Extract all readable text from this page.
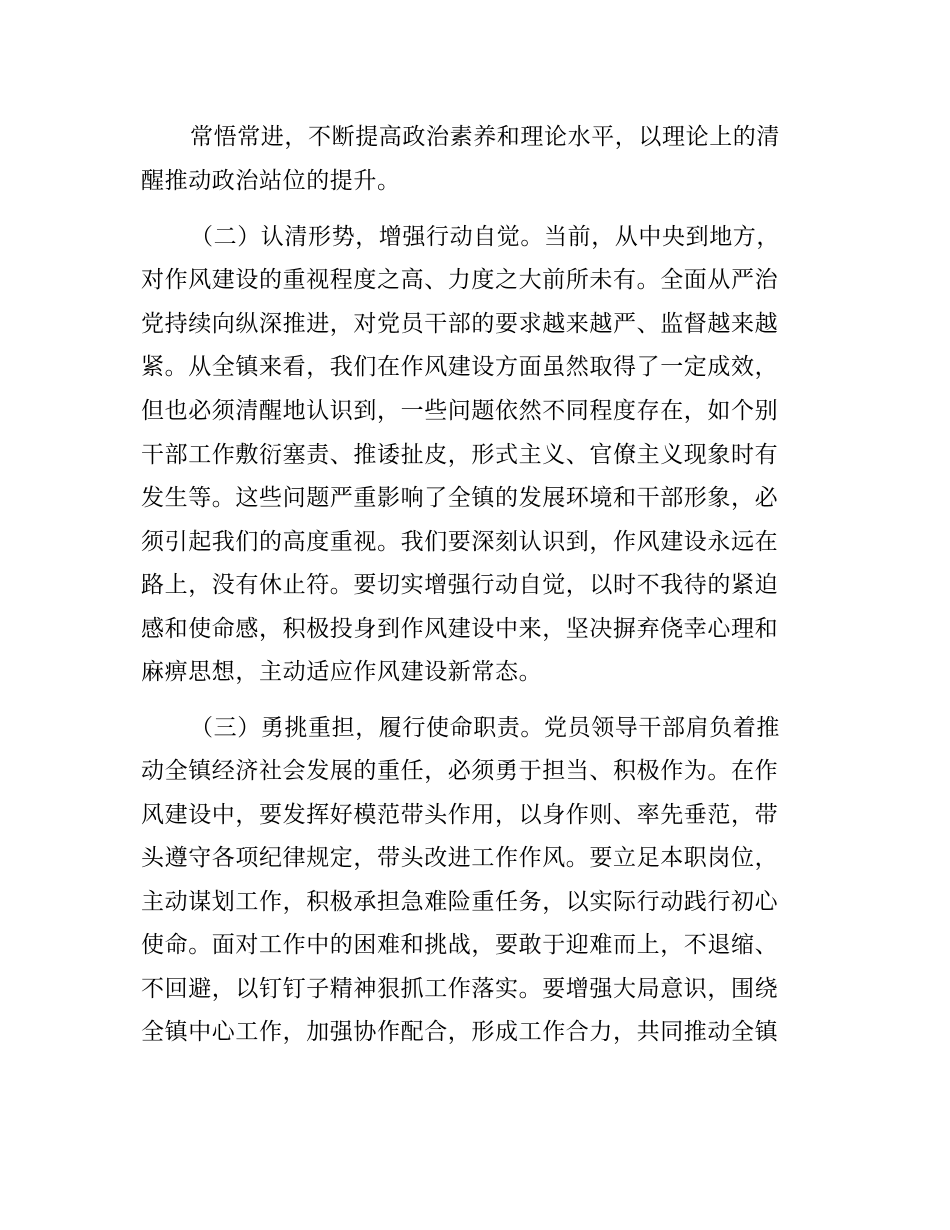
常悟常进，不断提高政治素养和理论水平，以理论上的清
醒推动政治站位的提升。
（二）认清形势，增强行动自觉。当前，从中央到地方，
对作风建设的重视程度之高、力度之大前所未有。全面从严治
党持续向纵深推进，对党员干部的要求越来越严、监督越来越
紧。从全镇来看，我们在作风建设方面虽然取得了一定成效，
但也必须清醒地认识到，一些问题依然不同程度存在，如个别
干部工作敷衍塞责、推诿扯皮，形式主义、官僚主义现象时有
发生等。这些问题严重影响了全镇的发展环境和干部形象，必
须引起我们的高度重视。我们要深刻认识到，作风建设永远在
路上，没有休止符。要切实增强行动自觉，以时不我待的紧迫
感和使命感，积极投身到作风建设中来，坚决摒弃侥幸心理和
麻痹思想，主动适应作风建设新常态。
（三）勇挑重担，履行使命职责。党员领导干部肩负着推
动全镇经济社会发展的重任，必须勇于担当、积极作为。在作
风建设中，要发挥好模范带头作用，以身作则、率先垂范，带
头遵守各项纪律规定，带头改进工作作风。要立足本职岗位，
主动谋划工作，积极承担急难险重任务，以实际行动践行初心
使命。面对工作中的困难和挑战，要敢于迎难而上，不退缩、
不回避，以钉钉子精神狠抓工作落实。要增强大局意识，围绕
全镇中心工作，加强协作配合，形成工作合力，共同推动全镇
